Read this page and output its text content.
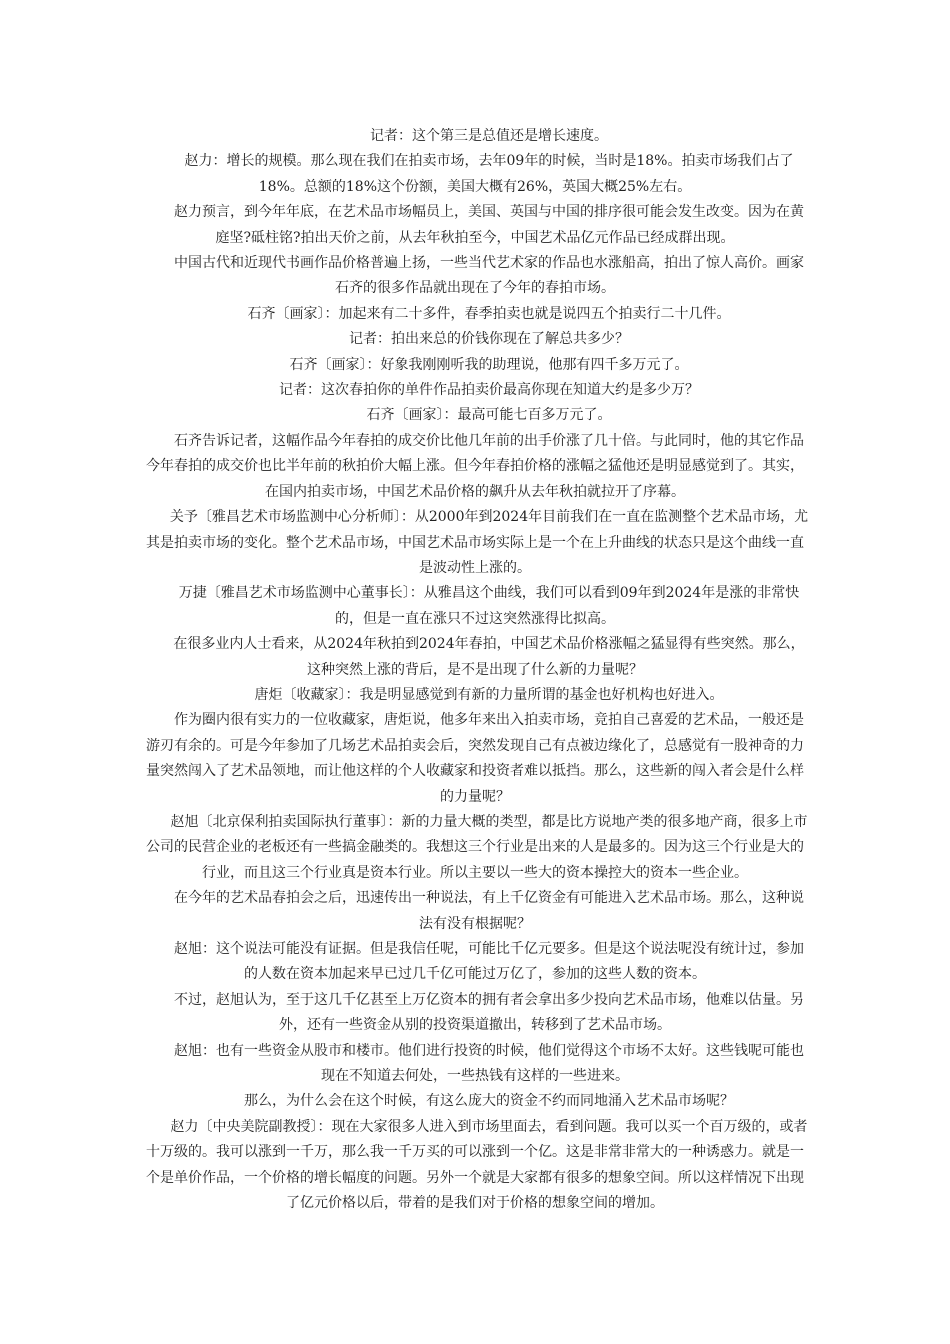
记者：这个第三是总值还是增长速度。

赵力：增长的规模。那么现在我们在拍卖市场，去年09年的时候，当时是18%。拍卖市场我们占了18%。总额的18%这个份额，美国大概有26%，英国大概25%左右。

赵力预言，到今年年底，在艺术品市场幅员上，美国、英国与中国的排序很可能会发生改变。因为在黄庭坚?砥柱铭?拍出天价之前，从去年秋拍至今，中国艺术品亿元作品已经成群出现。

中国古代和近现代书画作品价格普遍上扬，一些当代艺术家的作品也水涨船高，拍出了惊人高价。画家石齐的很多作品就出现在了今年的春拍市场。

石齐〔画家〕：加起来有二十多件，春季拍卖也就是说四五个拍卖行二十几件。

记者：拍出来总的价钱你现在了解总共多少？

石齐〔画家〕：好象我刚刚听我的助理说，他那有四千多万元了。

记者：这次春拍你的单件作品拍卖价最高你现在知道大约是多少万？

石齐〔画家〕：最高可能七百多万元了。

石齐告诉记者，这幅作品今年春拍的成交价比他几年前的出手价涨了几十倍。与此同时，他的其它作品今年春拍的成交价也比半年前的秋拍价大幅上涨。但今年春拍价格的涨幅之猛他还是明显感觉到了。其实，在国内拍卖市场，中国艺术品价格的飙升从去年秋拍就拉开了序幕。

关予〔雅昌艺术市场监测中心分析师〕：从2000年到2024年目前我们在一直在监测整个艺术品市场，尤其是拍卖市场的变化。整个艺术品市场，中国艺术品市场实际上是一个在上升曲线的状态只是这个曲线一直是波动性上涨的。

万捷〔雅昌艺术市场监测中心董事长〕：从雅昌这个曲线，我们可以看到09年到2024年是涨的非常快的，但是一直在涨只不过这突然涨得比拟高。

在很多业内人士看来，从2024年秋拍到2024年春拍，中国艺术品价格涨幅之猛显得有些突然。那么，这种突然上涨的背后，是不是出现了什么新的力量呢？

唐炬〔收藏家〕：我是明显感觉到有新的力量所谓的基金也好机构也好进入。

作为圈内很有实力的一位收藏家，唐炬说，他多年来出入拍卖市场，竞拍自己喜爱的艺术品，一般还是游刃有余的。可是今年参加了几场艺术品拍卖会后，突然发现自己有点被边缘化了，总感觉有一股神奇的力量突然闯入了艺术品领地，而让他这样的个人收藏家和投资者难以抵挡。那么，这些新的闯入者会是什么样的力量呢？

赵旭〔北京保利拍卖国际执行董事〕：新的力量大概的类型，都是比方说地产类的很多地产商，很多上市公司的民营企业的老板还有一些搞金融类的。我想这三个行业是出来的人是最多的。因为这三个行业是大的行业，而且这三个行业真是资本行业。所以主要以一些大的资本操控大的资本一些企业。

在今年的艺术品春拍会之后，迅速传出一种说法，有上千亿资金有可能进入艺术品市场。那么，这种说法有没有根据呢？

赵旭：这个说法可能没有证据。但是我信任呢，可能比千亿元要多。但是这个说法呢没有统计过，参加的人数在资本加起来早已过几千亿可能过万亿了，参加的这些人数的资本。

不过，赵旭认为，至于这几千亿甚至上万亿资本的拥有者会拿出多少投向艺术品市场，他难以估量。另外，还有一些资金从别的投资渠道撤出，转移到了艺术品市场。

赵旭：也有一些资金从股市和楼市。他们进行投资的时候，他们觉得这个市场不太好。这些钱呢可能也现在不知道去何处，一些热钱有这样的一些进来。

那么，为什么会在这个时候，有这么庞大的资金不约而同地涌入艺术品市场呢？

赵力〔中央美院副教授〕：现在大家很多人进入到市场里面去，看到问题。我可以买一个百万级的，或者十万级的。我可以涨到一千万，那么我一千万买的可以涨到一个亿。这是非常非常大的一种诱惑力。就是一个是单价作品，一个价格的增长幅度的问题。另外一个就是大家都有很多的想象空间。所以这样情况下出现了亿元价格以后，带着的是我们对于价格的想象空间的增加。
